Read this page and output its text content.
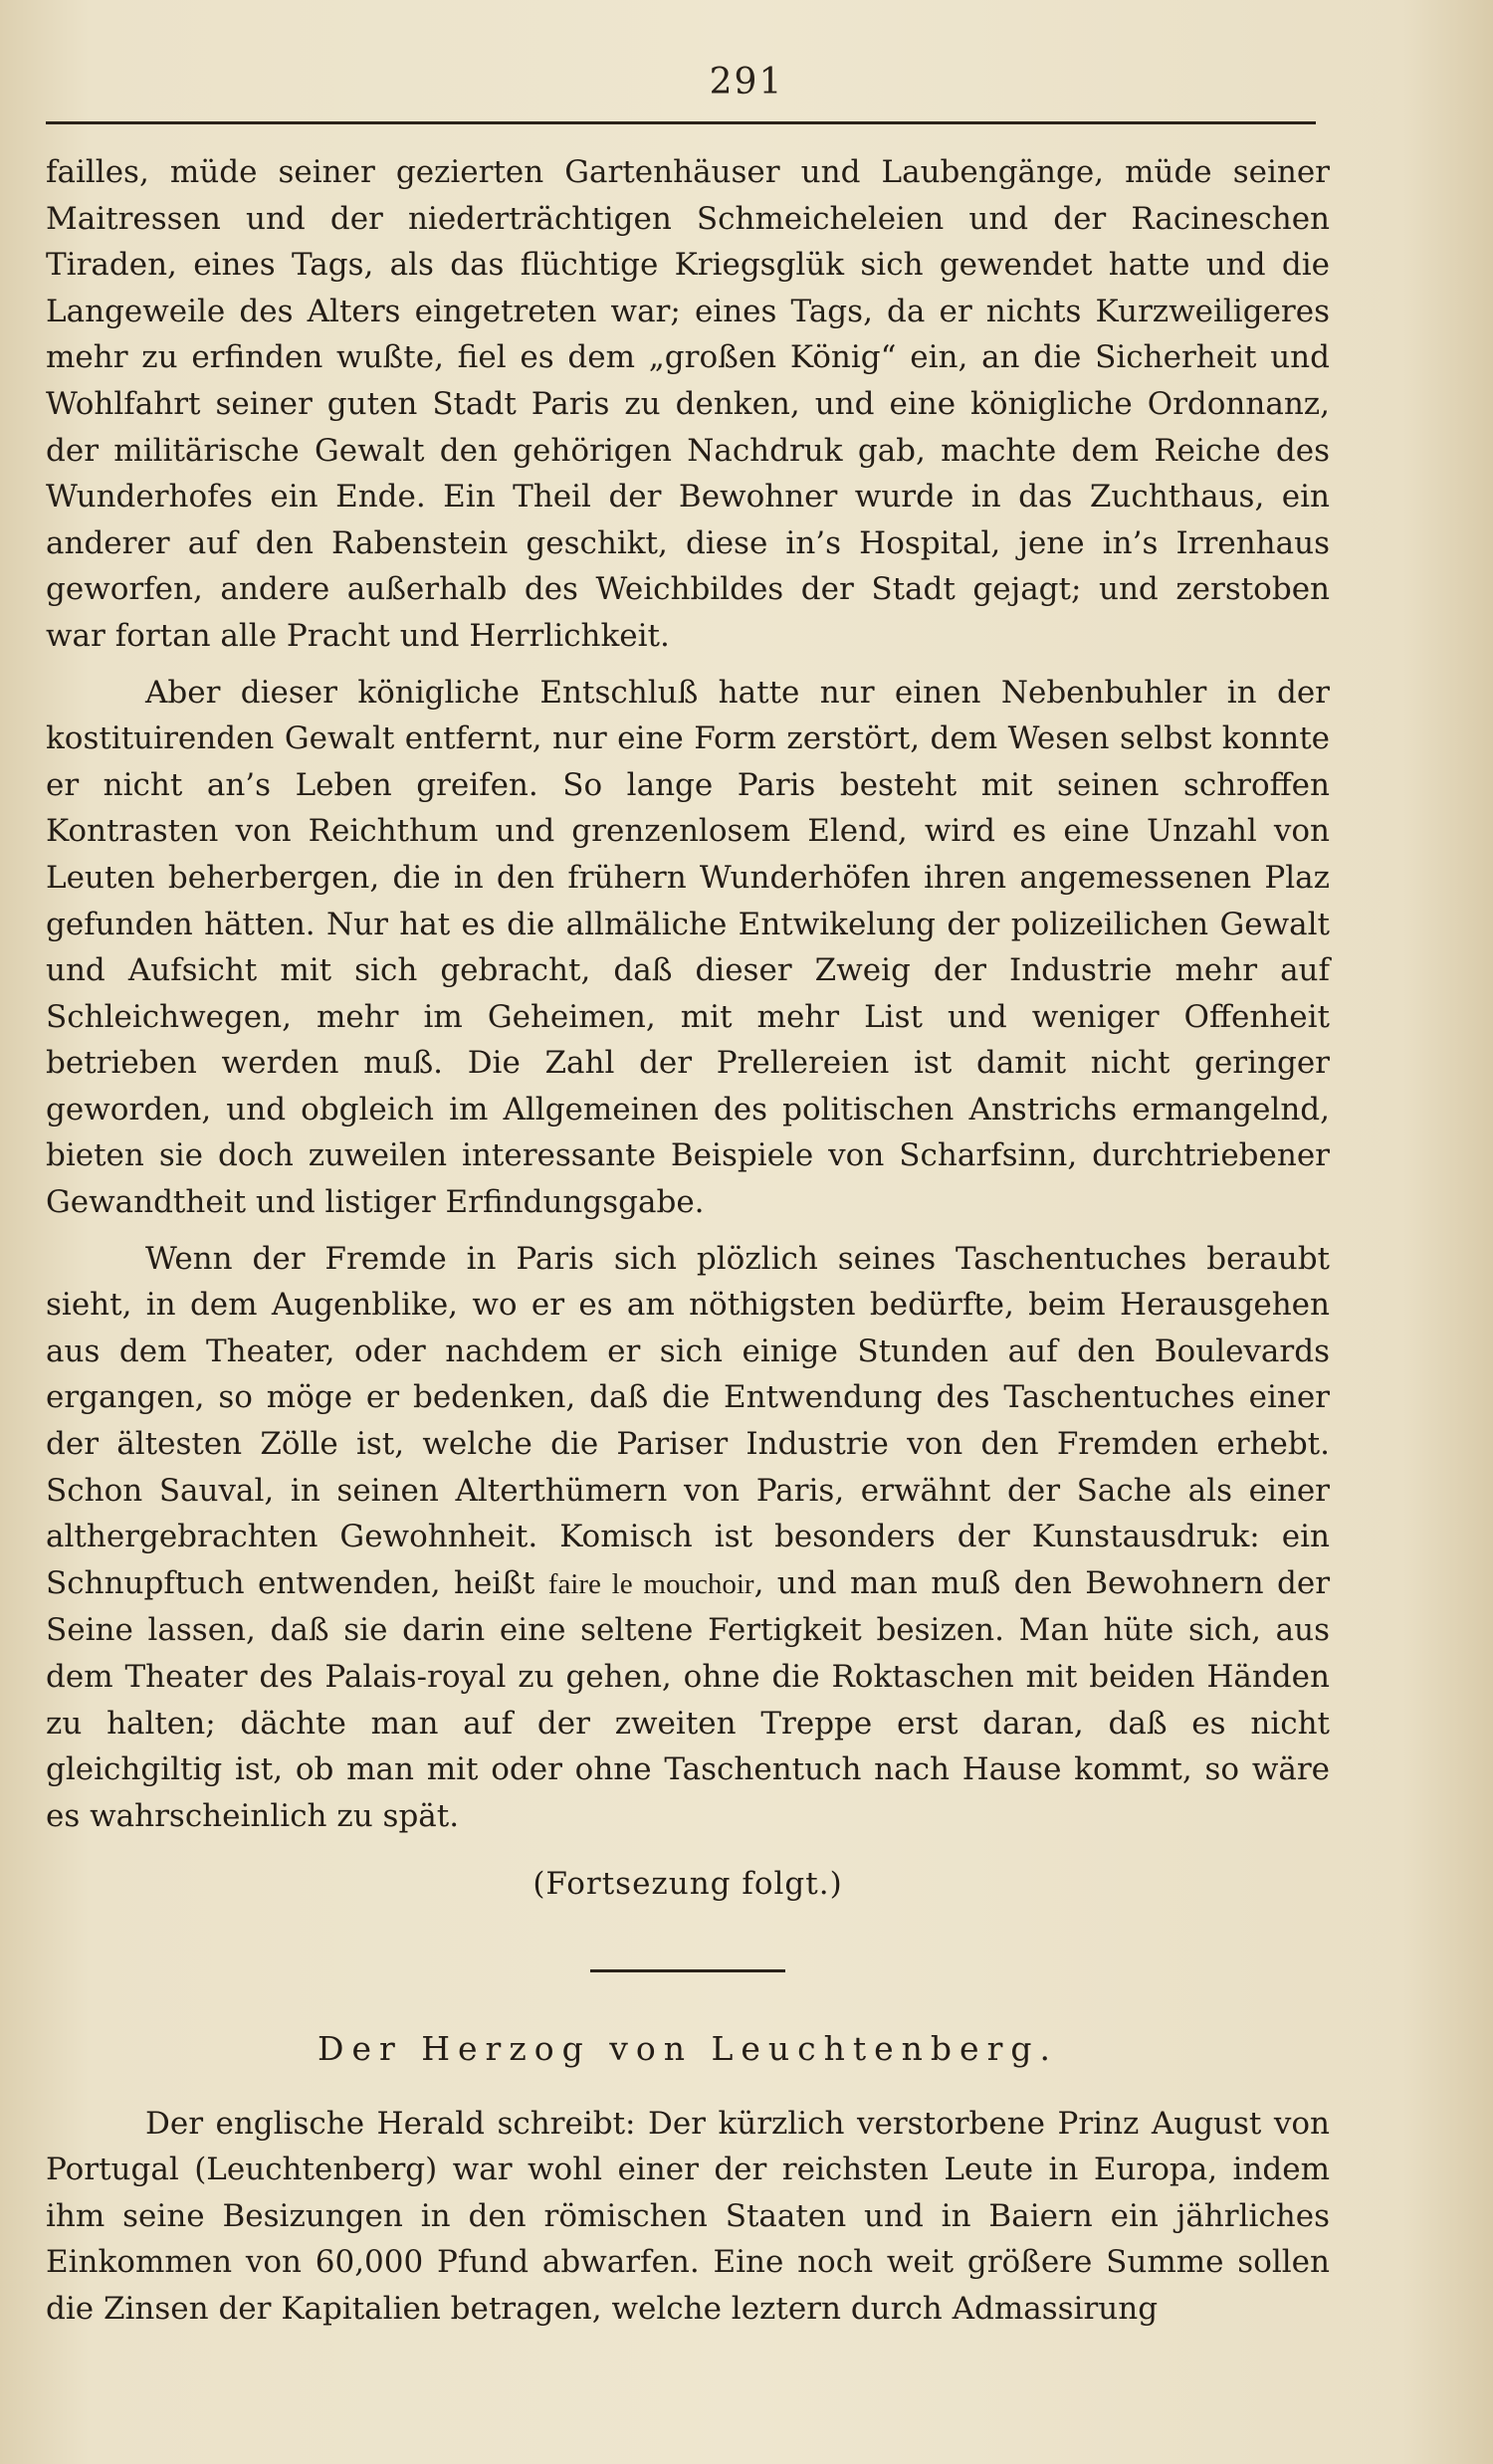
291

failles, müde seiner gezierten Gartenhäuser und Laubengänge, müde seiner Maitressen und der niederträchtigen Schmeicheleien und der Racineschen Tiraden, eines Tags, als das flüchtige Kriegsglük sich gewendet hatte und die Langeweile des Alters eingetreten war; eines Tags, da er nichts Kurzweiligeres mehr zu erfinden wußte, fiel es dem „großen König“ ein, an die Sicherheit und Wohlfahrt seiner guten Stadt Paris zu denken, und eine königliche Ordonnanz, der militärische Gewalt den gehörigen Nachdruk gab, machte dem Reiche des Wunderhofes ein Ende. Ein Theil der Bewohner wurde in das Zuchthaus, ein anderer auf den Rabenstein geschikt, diese in’s Hospital, jene in’s Irrenhaus geworfen, andere außerhalb des Weichbildes der Stadt gejagt; und zerstoben war fortan alle Pracht und Herrlichkeit.

Aber dieser königliche Entschluß hatte nur einen Nebenbuhler in der kostituirenden Gewalt entfernt, nur eine Form zerstört, dem Wesen selbst konnte er nicht an’s Leben greifen. So lange Paris besteht mit seinen schroffen Kontrasten von Reichthum und grenzenlosem Elend, wird es eine Unzahl von Leuten beherbergen, die in den frühern Wunderhöfen ihren angemessenen Plaz gefunden hätten. Nur hat es die allmäliche Entwikelung der polizeilichen Gewalt und Aufsicht mit sich gebracht, daß dieser Zweig der Industrie mehr auf Schleichwegen, mehr im Geheimen, mit mehr List und weniger Offenheit betrieben werden muß. Die Zahl der Prellereien ist damit nicht geringer geworden, und obgleich im Allgemeinen des politischen Anstrichs ermangelnd, bieten sie doch zuweilen interessante Beispiele von Scharfsinn, durchtriebener Gewandtheit und listiger Erfindungsgabe.

Wenn der Fremde in Paris sich plözlich seines Taschentuches beraubt sieht, in dem Augenblike, wo er es am nöthigsten bedürfte, beim Herausgehen aus dem Theater, oder nachdem er sich einige Stunden auf den Boulevards ergangen, so möge er bedenken, daß die Entwendung des Taschentuches einer der ältesten Zölle ist, welche die Pariser Industrie von den Fremden erhebt. Schon Sauval, in seinen Alterthümern von Paris, erwähnt der Sache als einer althergebrachten Gewohnheit. Komisch ist besonders der Kunstausdruk: ein Schnupftuch entwenden, heißt faire le mouchoir, und man muß den Bewohnern der Seine lassen, daß sie darin eine seltene Fertigkeit besizen. Man hüte sich, aus dem Theater des Palais-royal zu gehen, ohne die Roktaschen mit beiden Händen zu halten; dächte man auf der zweiten Treppe erst daran, daß es nicht gleichgiltig ist, ob man mit oder ohne Taschentuch nach Hause kommt, so wäre es wahrscheinlich zu spät.

(Fortsezung folgt.)
Der Herzog von Leuchtenberg.

Der englische Herald schreibt: Der kürzlich verstorbene Prinz August von Portugal (Leuchtenberg) war wohl einer der reichsten Leute in Europa, indem ihm seine Besizungen in den römischen Staaten und in Baiern ein jährliches Einkommen von 60,000 Pfund abwarfen. Eine noch weit größere Summe sollen die Zinsen der Kapitalien betragen, welche leztern durch Admassirung
